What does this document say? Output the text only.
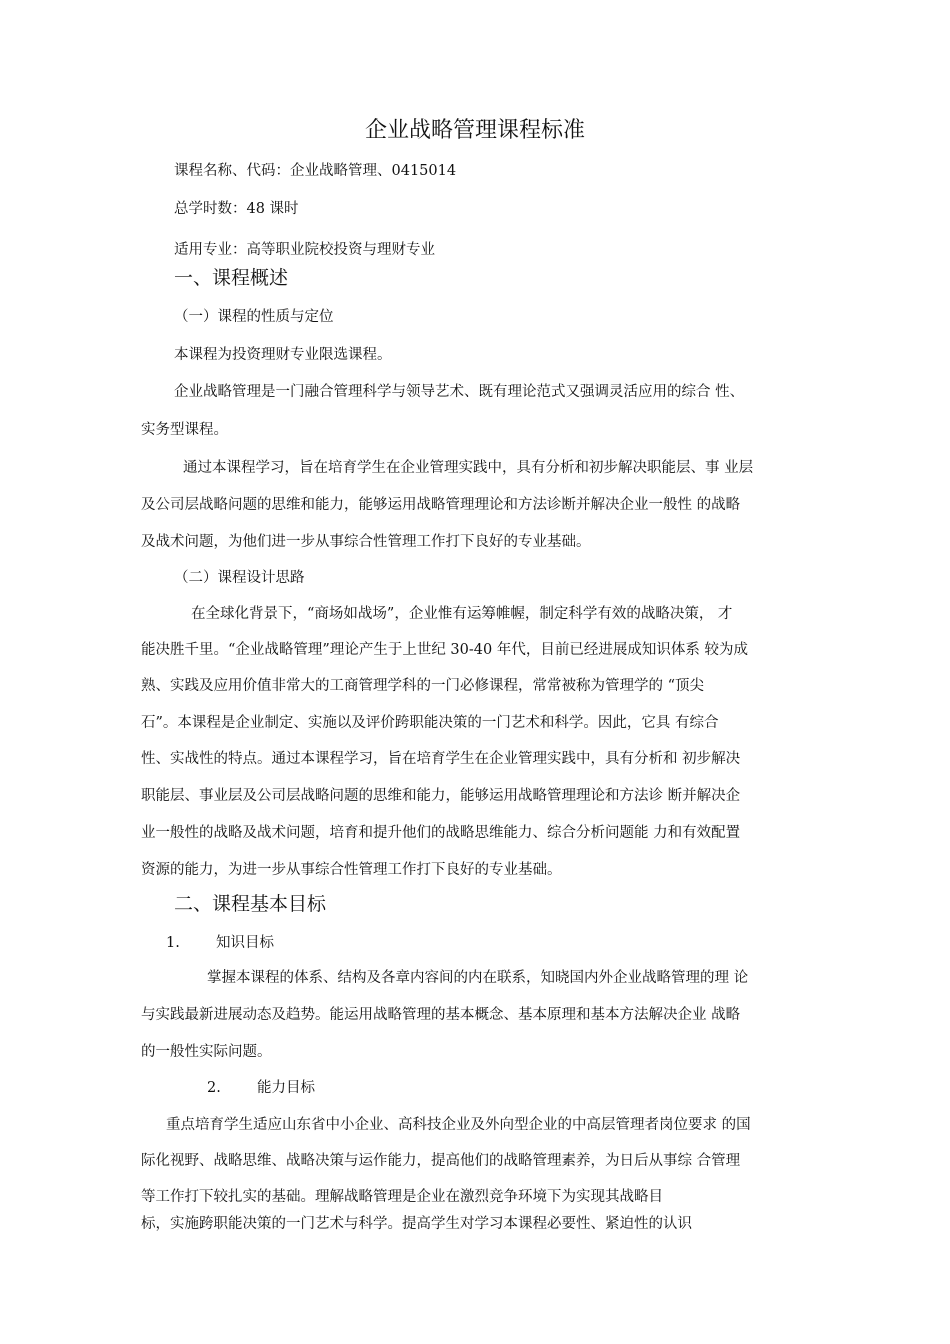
企业战略管理课程标准
课程名称、代码：企业战略管理、0415014
总学时数：48 课时
适用专业：高等职业院校投资与理财专业
一、课程概述
（一）课程的性质与定位
本课程为投资理财专业限选课程。
企业战略管理是一门融合管理科学与领导艺术、既有理论范式又强调灵活应用的综合 性、
实务型课程。
通过本课程学习，旨在培育学生在企业管理实践中，具有分析和初步解决职能层、事 业层
及公司层战略问题的思维和能力，能够运用战略管理理论和方法诊断并解决企业一般性 的战略
及战术问题，为他们进一步从事综合性管理工作打下良好的专业基础。
（二）课程设计思路
在全球化背景下，“商场如战场”，企业惟有运筹帷幄，制定科学有效的战略决策， 才
能决胜千里。“企业战略管理”理论产生于上世纪 30-40 年代，目前已经进展成知识体系 较为成
熟、实践及应用价值非常大的工商管理学科的一门必修课程，常常被称为管理学的 “顶尖
石”。本课程是企业制定、实施以及评价跨职能决策的一门艺术和科学。因此，它具 有综合
性、实战性的特点。通过本课程学习，旨在培育学生在企业管理实践中，具有分析和 初步解决
职能层、事业层及公司层战略问题的思维和能力，能够运用战略管理理论和方法诊 断并解决企
业一般性的战略及战术问题，培育和提升他们的战略思维能力、综合分析问题能 力和有效配置
资源的能力，为进一步从事综合性管理工作打下良好的专业基础。
二、课程基本目标
1. 知识目标
掌握本课程的体系、结构及各章内容间的内在联系，知晓国内外企业战略管理的理 论
与实践最新进展动态及趋势。能运用战略管理的基本概念、基本原理和基本方法解决企业 战略
的一般性实际问题。
2. 能力目标
重点培育学生适应山东省中小企业、高科技企业及外向型企业的中高层管理者岗位要求 的国
际化视野、战略思维、战略决策与运作能力，提高他们的战略管理素养，为日后从事综 合管理
等工作打下较扎实的基础。理解战略管理是企业在激烈竞争环境下为实现其战略目
标，实施跨职能决策的一门艺术与科学。提高学生对学习本课程必要性、紧迫性的认识
